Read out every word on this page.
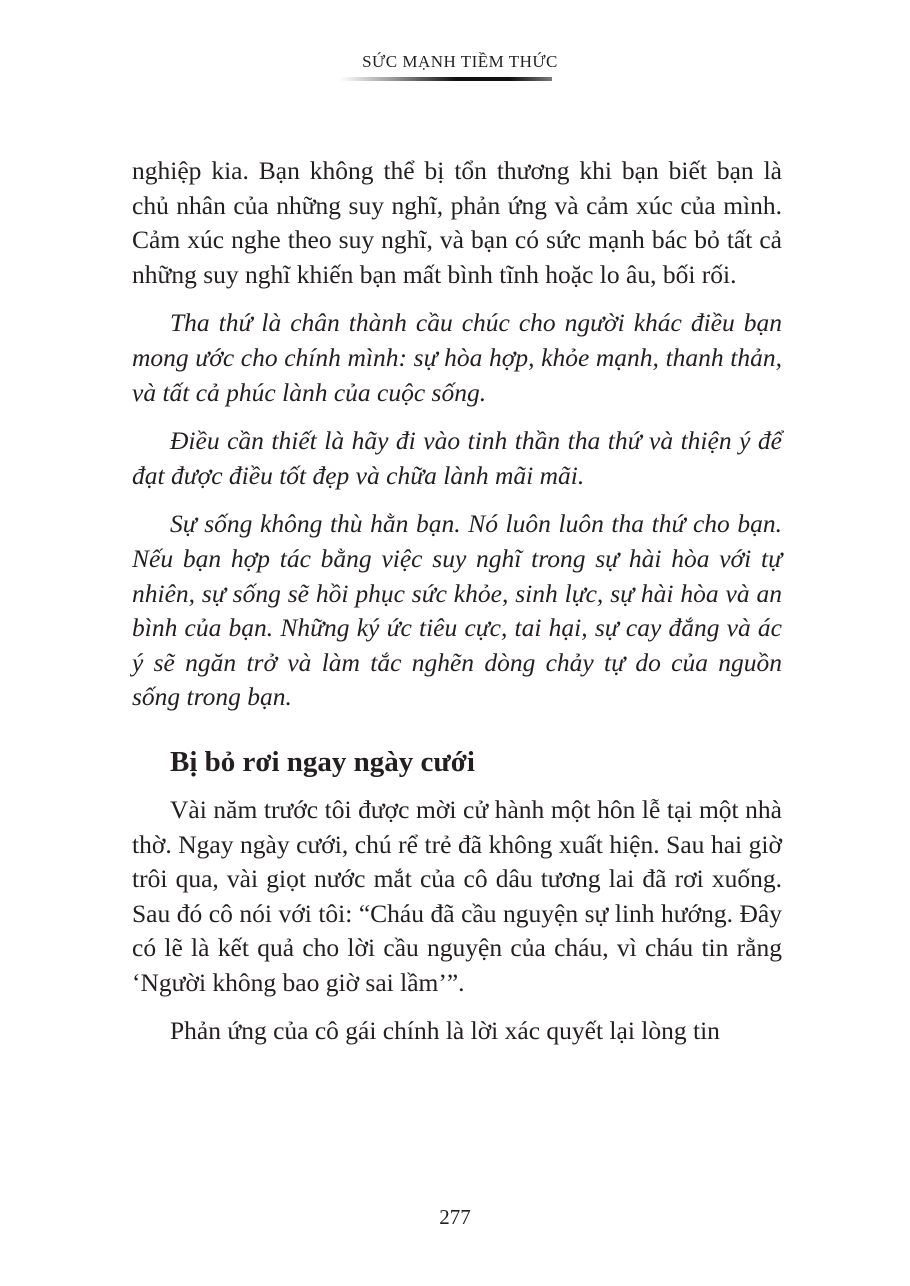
SỨC MẠNH TIỀM THỨC

nghiệp kia. Bạn không thể bị tổn thương khi bạn biết bạn là chủ nhân của những suy nghĩ, phản ứng và cảm xúc của mình. Cảm xúc nghe theo suy nghĩ, và bạn có sức mạnh bác bỏ tất cả những suy nghĩ khiến bạn mất bình tĩnh hoặc lo âu, bối rối.

Tha thứ là chân thành cầu chúc cho người khác điều bạn mong ước cho chính mình: sự hòa hợp, khỏe mạnh, thanh thản, và tất cả phúc lành của cuộc sống.

Điều cần thiết là hãy đi vào tinh thần tha thứ và thiện ý để đạt được điều tốt đẹp và chữa lành mãi mãi.

Sự sống không thù hằn bạn. Nó luôn luôn tha thứ cho bạn. Nếu bạn hợp tác bằng việc suy nghĩ trong sự hài hòa với tự nhiên, sự sống sẽ hồi phục sức khỏe, sinh lực, sự hài hòa và an bình của bạn. Những ký ức tiêu cực, tai hại, sự cay đắng và ác ý sẽ ngăn trở và làm tắc nghẽn dòng chảy tự do của nguồn sống trong bạn.

Bị bỏ rơi ngay ngày cưới

Vài năm trước tôi được mời cử hành một hôn lễ tại một nhà thờ. Ngay ngày cưới, chú rể trẻ đã không xuất hiện. Sau hai giờ trôi qua, vài giọt nước mắt của cô dâu tương lai đã rơi xuống. Sau đó cô nói với tôi: “Cháu đã cầu nguyện sự linh hướng. Đây có lẽ là kết quả cho lời cầu nguyện của cháu, vì cháu tin rằng ‘Người không bao giờ sai lầm’”.

Phản ứng của cô gái chính là lời xác quyết lại lòng tin

277
